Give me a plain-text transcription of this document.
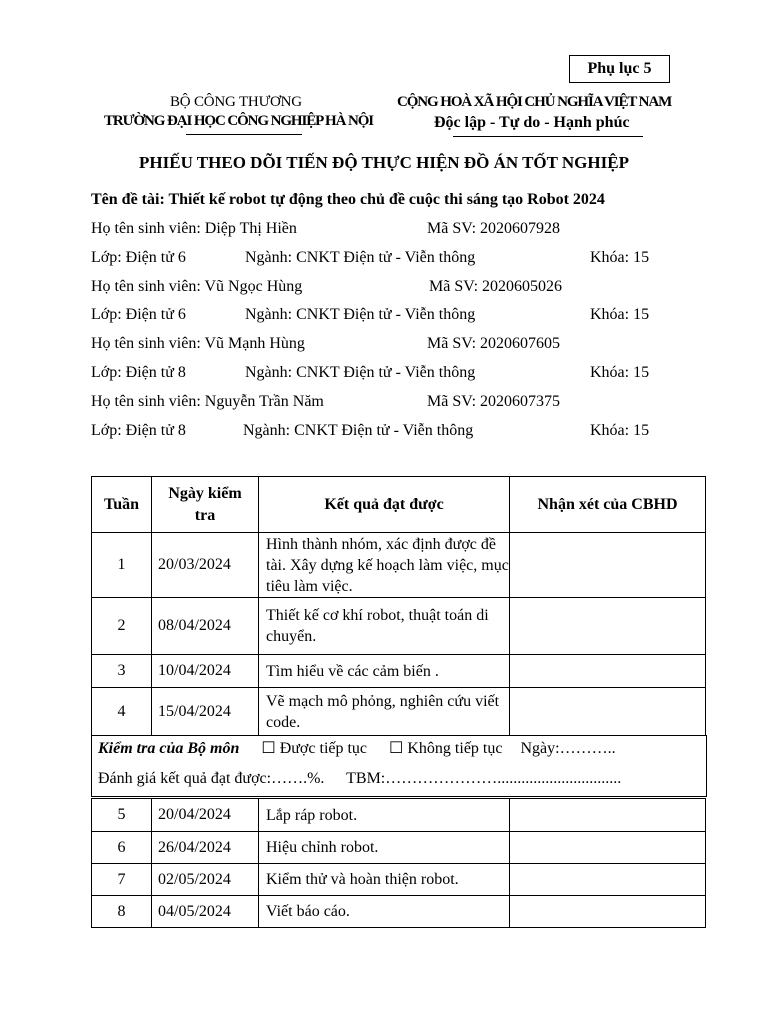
Phụ lục 5
BỘ CÔNG THƯƠNG
TRƯỜNG ĐẠI HỌC CÔNG NGHIỆP HÀ NỘI
CỘNG HOÀ XÃ HỘI CHỦ NGHĨA VIỆT NAM
Độc lập - Tự do - Hạnh phúc
PHIẾU THEO DÕI TIẾN ĐỘ THỰC HIỆN ĐỒ ÁN TỐT NGHIỆP
Tên đề tài: Thiết kế robot tự động theo chủ đề cuộc thi sáng tạo Robot 2024
Họ tên sinh viên: Diệp Thị Hiền	Mã SV: 2020607928
Lớp: Điện tử 6	Ngành: CNKT Điện tử - Viễn thông	Khóa: 15
Họ tên sinh viên: Vũ Ngọc Hùng	Mã SV: 2020605026
Lớp: Điện tử 6	Ngành: CNKT Điện tử - Viễn thông	Khóa: 15
Họ tên sinh viên: Vũ Mạnh Hùng	Mã SV: 2020607605
Lớp: Điện tử 8	Ngành: CNKT Điện tử - Viễn thông	Khóa: 15
Họ tên sinh viên: Nguyễn Trần Năm	Mã SV: 2020607375
Lớp: Điện tử 8	Ngành: CNKT Điện tử - Viễn thông	Khóa: 15
Tuần	Ngày kiểm tra	Kết quả đạt được	Nhận xét của CBHD
1	20/03/2024	Hình thành nhóm, xác định được đề tài. Xây dựng kế hoạch làm việc, mục tiêu làm việc.	
2	08/04/2024	Thiết kế cơ khí robot, thuật toán di chuyển.	
3	10/04/2024	Tìm hiểu về các cảm biến .	
4	15/04/2024	Vẽ mạch mô phỏng, nghiên cứu viết code.	

5	20/04/2024	Lắp ráp robot.	
6	26/04/2024	Hiệu chỉnh robot.	
7	02/05/2024	Kiểm thử và hoàn thiện robot.	
8	04/05/2024	Viết báo cáo.	
Kiểm tra của Bộ môn ☐ Được tiếp tục ☐ Không tiếp tục Ngày:………..
Đánh giá kết quả đạt được:…….%. TBM:…………………...............................
